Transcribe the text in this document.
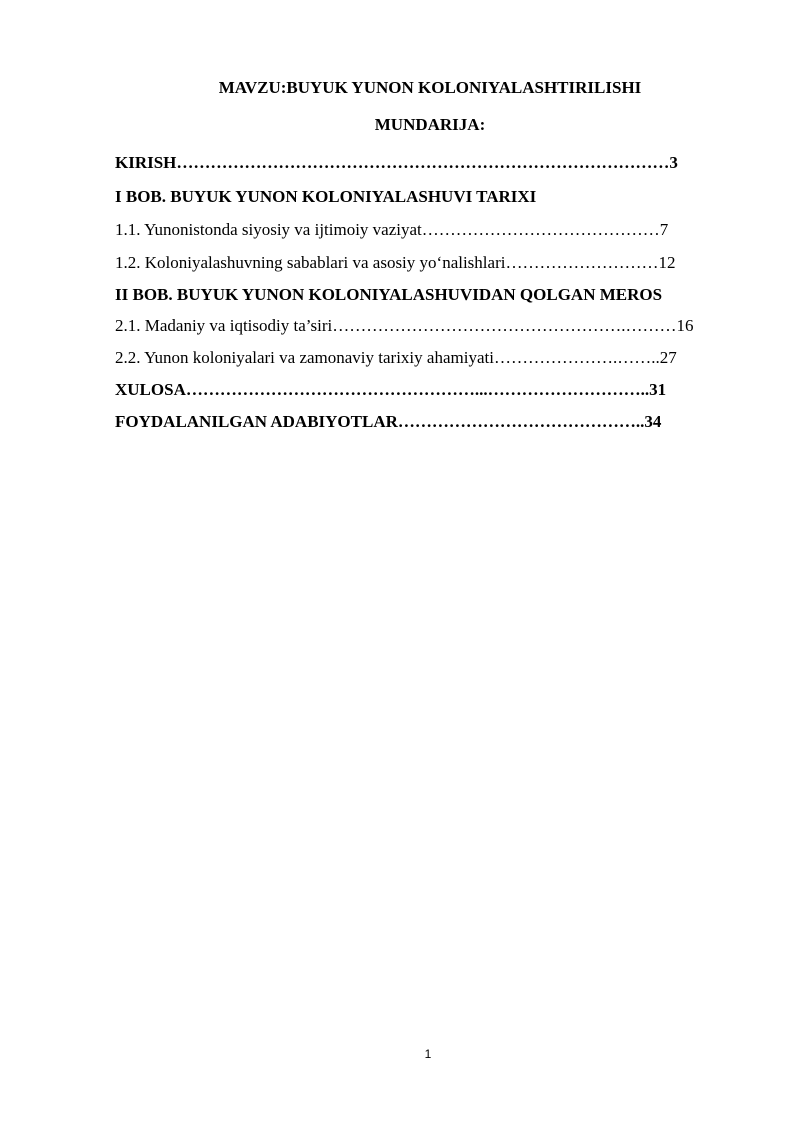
MAVZU:BUYUK YUNON KOLONIYALASHTIRILISHI
MUNDARIJA:
KIRISH……………………………………………………………………………3
I BOB. BUYUK YUNON KOLONIYALASHUVI TARIXI
1.1. Yunonistonda siyosiy va ijtimoiy vaziyat……………………………………7
1.2. Koloniyalashuvning sabablari va asosiy yo‘nalishlari………………………12
II BOB. BUYUK YUNON KOLONIYALASHUVIDAN QOLGAN MEROS
2.1. Madaniy va iqtisodiy ta’siri…………………………………………….………16
2.2. Yunon koloniyalari va zamonaviy tarixiy ahamiyati………………….……..27
XULOSA……………………………………………...………………………..31
FOYDALANILGAN ADABIYOTLAR……………………………………..34
1
